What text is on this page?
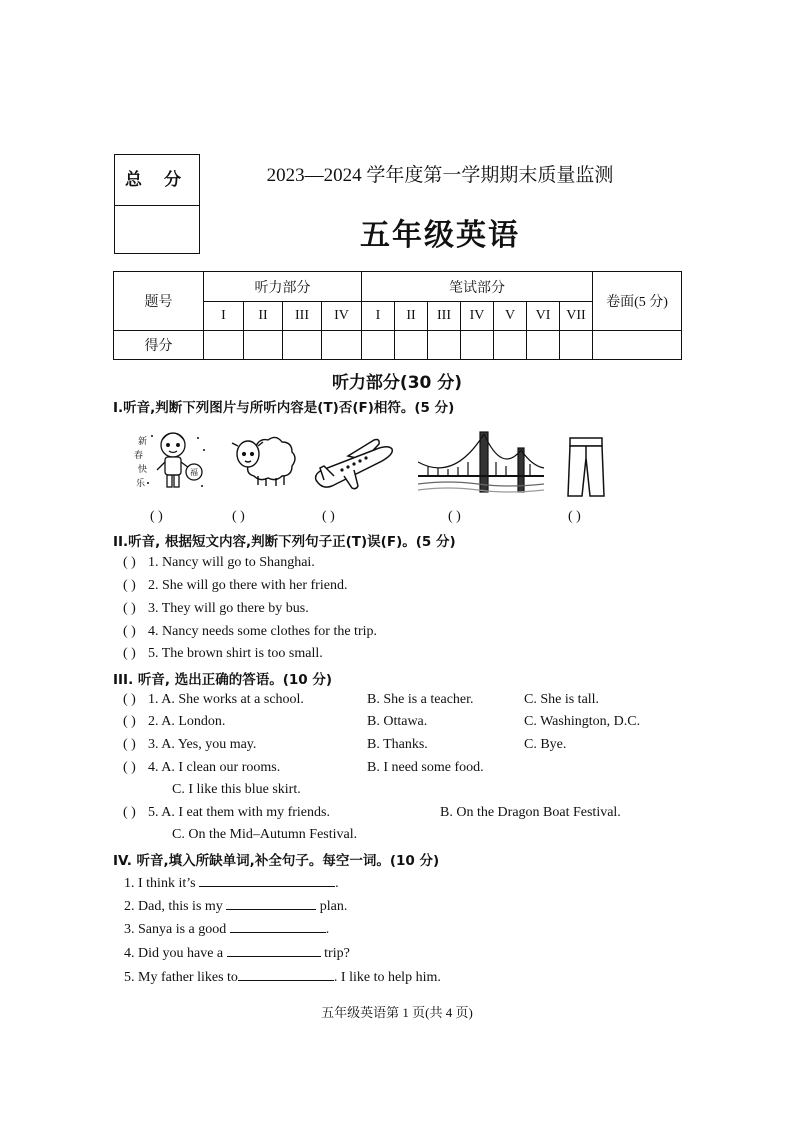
总 分	2023—2024 学年度第一学期期末质量监测
五年级英语
题号	听力部分				笔试部分							卷面(5 分)
	I	II	III	IV	I	II	III	IV	V	VI	VII	
得分												
听力部分(30 分)
I.听音,判断下列图片与所听内容是(T)否(F)相符。(5 分)
新
春
快
乐
福
( )	( )	( )	( )	( )
II.听音, 根据短文内容,判断下列句子正(T)误(F)。(5 分)
( ) 1. Nancy will go to Shanghai.
( ) 2. She will go there with her friend.
( ) 3. They will go there by bus.
( ) 4. Nancy needs some clothes for the trip.
( ) 5. The brown shirt is too small.
III. 听音, 选出正确的答语。(10 分)
( ) 1. A. She works at a school.	B. She is a teacher.	C. She is tall.
( ) 2. A. London.	B. Ottawa.	C. Washington, D.C.
( ) 3. A. Yes, you may.	B. Thanks.	C. Bye.
( ) 4. A. I clean our rooms.	B. I need some food.
C. I like this blue skirt.
( ) 5. A. I eat them with my friends.	B. On the Dragon Boat Festival.
C. On the Mid–Autumn Festival.
IV. 听音,填入所缺单词,补全句子。每空一词。(10 分)
1. I think it’s	.
2. Dad, this is my	plan.
3. Sanya is a good	.
4. Did you have a	trip?
5. My father likes to	. I like to help him.
五年级英语第 1 页(共 4 页)
